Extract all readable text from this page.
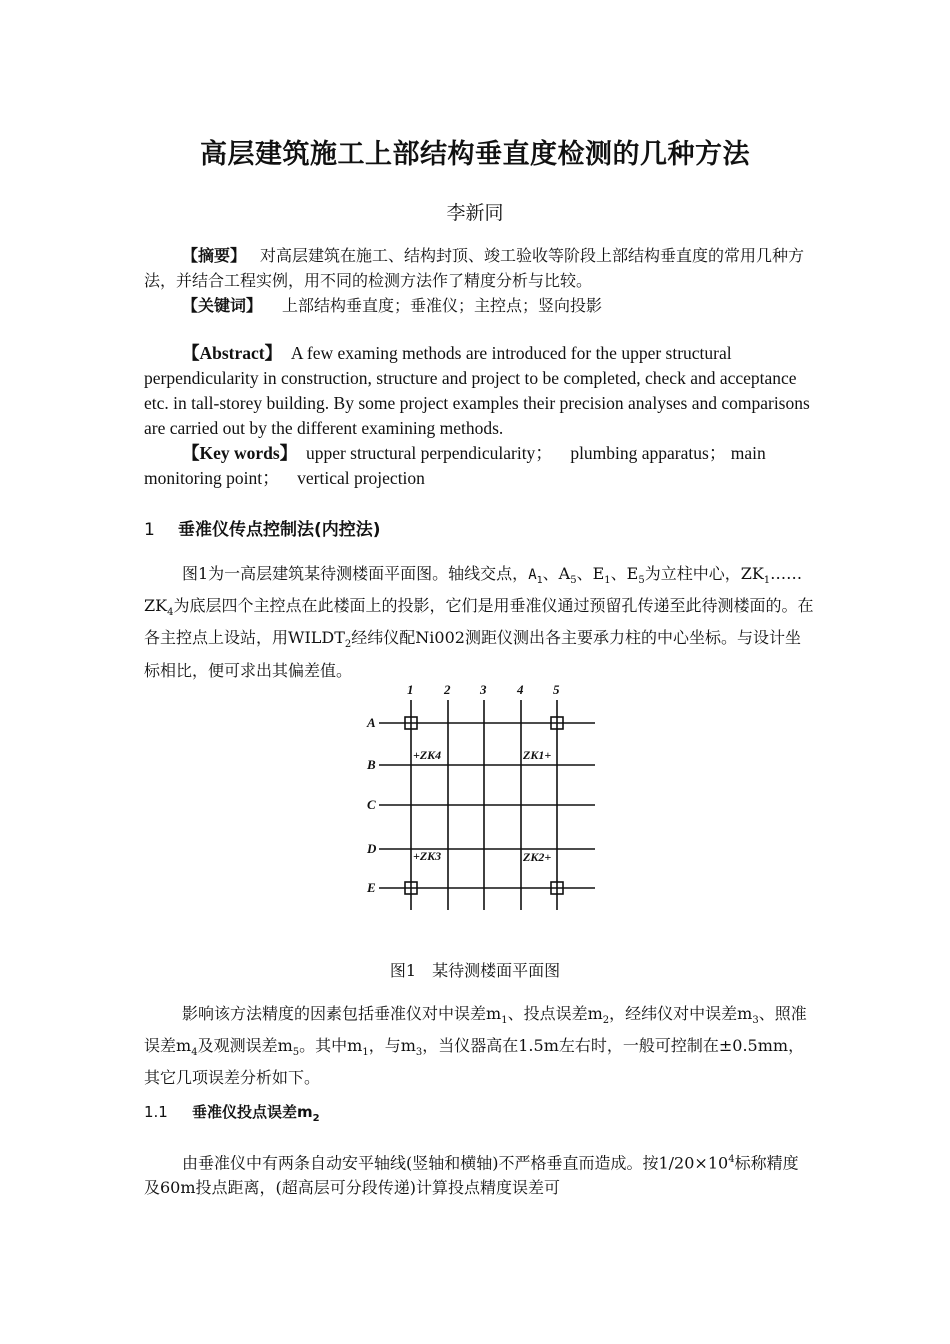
高层建筑施工上部结构垂直度检测的几种方法
李新同

【摘要】 对高层建筑在施工、结构封顶、竣工验收等阶段上部结构垂直度的常用几种方法，并结合工程实例，用不同的检测方法作了精度分析与比较。

【关键词】 上部结构垂直度；垂准仪；主控点；竖向投影

【Abstract】 A few examing methods are introduced for the upper structural perpendicularity in construction, structure and project to be completed, check and acceptance etc. in tall-storey building. By some project examples their precision analyses and comparisons are carried out by the different examining methods.

【Key words】 upper structural perpendicularity； plumbing apparatus； main monitoring point； vertical projection

1 垂准仪传点控制法(内控法)

图1为一高层建筑某待测楼面平面图。轴线交点，$A_1$、$A_5$、$E_1$、$E_5$为立柱中心，$ZK_1\dots\dots ZK_4$为底层四个主控点在此楼面上的投影，它们是用垂准仪通过预留孔传递至此待测楼面的。在各主控点上设站，用$WILDT_2$经纬仪配Ni002测距仪测出各主要承力柱的中心坐标。与设计坐标相比，便可求出其偏差值。

1 2 3 4 5
A
B
C
D
E
+ZK4	ZK1+
+ZK3	ZK2+
图1　某待测楼面平面图

影响该方法精度的因素包括垂准仪对中误差$m_1$、投点误差$m_2$，经纬仪对中误差$m_3$、照准误差$m_4$及观测误差$m_5$。其中$m_1$，与$m_3$，当仪器高在1.5m左右时，一般可控制在±0.5mm，其它几项误差分析如下。

1.1 垂准仪投点误差$m_2$

由垂准仪中有两条自动安平轴线(竖轴和横轴)不严格垂直而造成。按$1/20\times 10^4$标称精度及60m投点距离，(超高层可分段传递)计算投点精度误差可
